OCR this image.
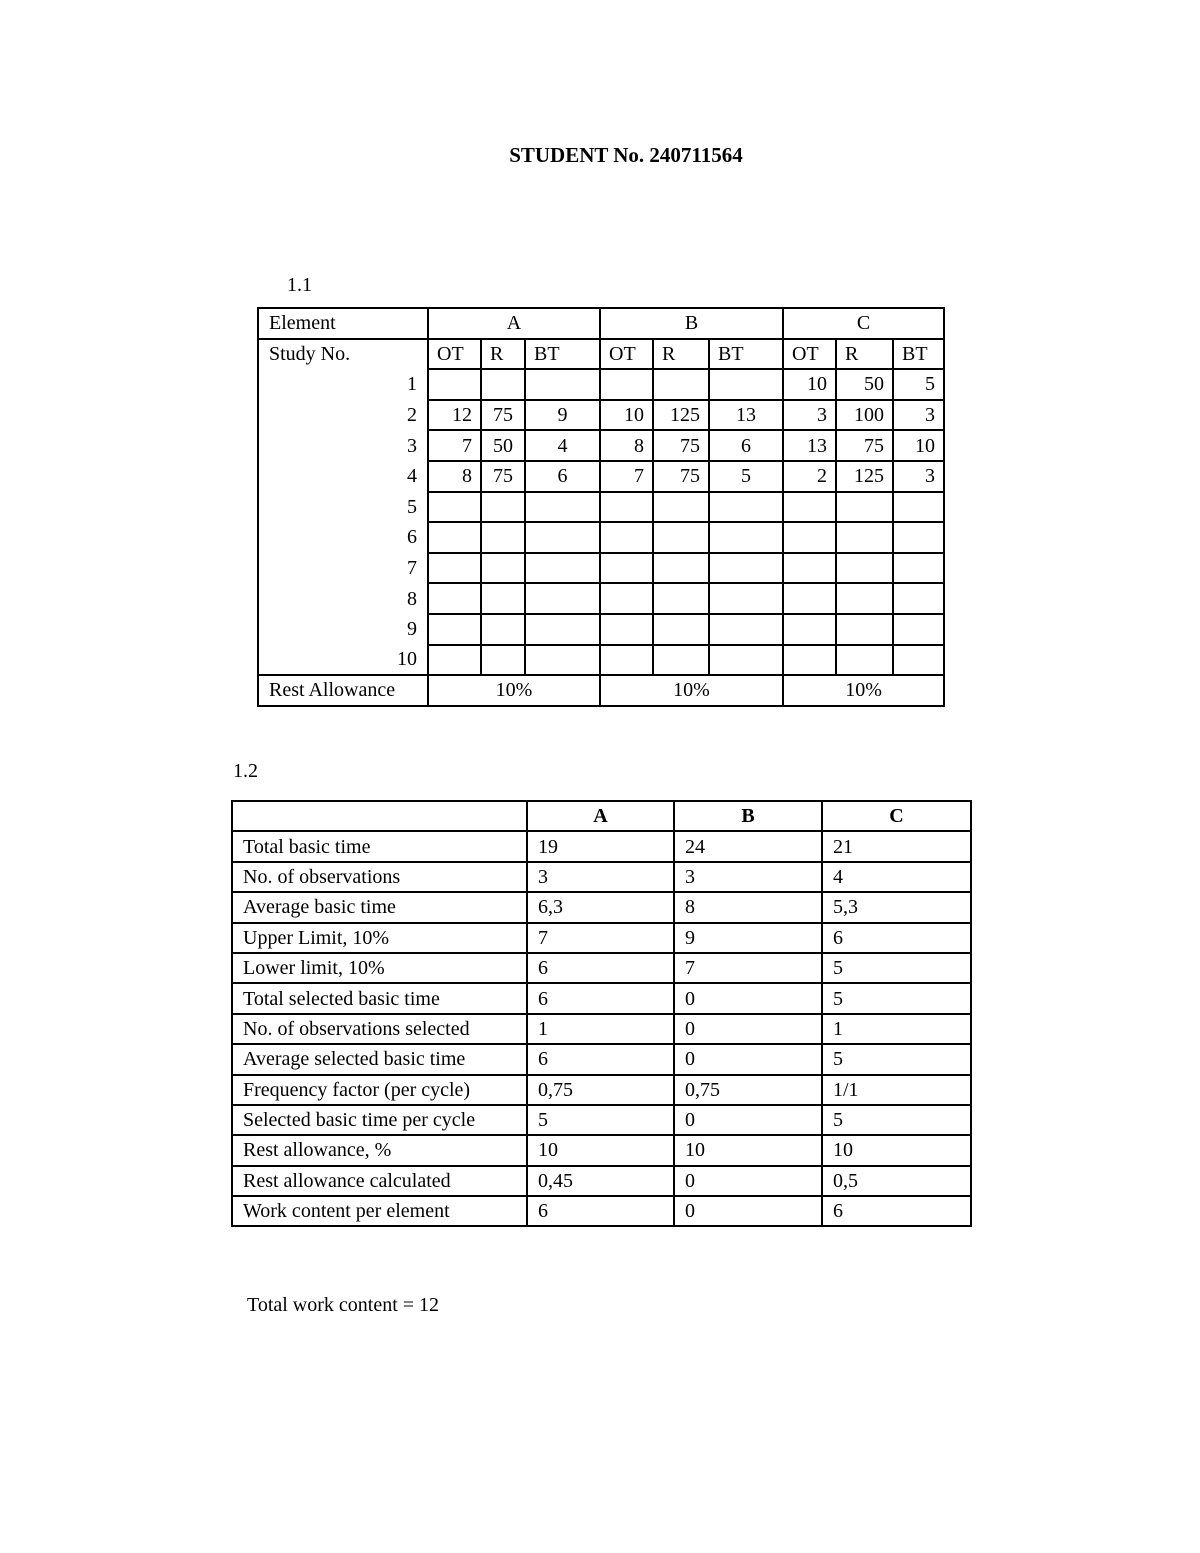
STUDENT No. 240711564
1.1
Element	A			B			C		
Study No.	OT	R	BT	OT	R	BT	OT	R	BT
1							10	50	5
2	12	75	9	10	125	13	3	100	3
3	7	50	4	8	75	6	13	75	10
4	8	75	6	7	75	5	2	125	3
5									
6									
7									
8									
9									
10									
Rest Allowance	10%			10%			10%		
1.2
	A	B	C
Total basic time	19	24	21
No. of observations	3	3	4
Average basic time	6,3	8	5,3
Upper Limit, 10%	7	9	6
Lower limit, 10%	6	7	5
Total selected basic time	6	0	5
No. of observations selected	1	0	1
Average selected basic time	6	0	5
Frequency factor (per cycle)	0,75	0,75	1/1
Selected basic time per cycle	5	0	5
Rest allowance, %	10	10	10
Rest allowance calculated	0,45	0	0,5
Work content per element	6	0	6
Total work content = 12
